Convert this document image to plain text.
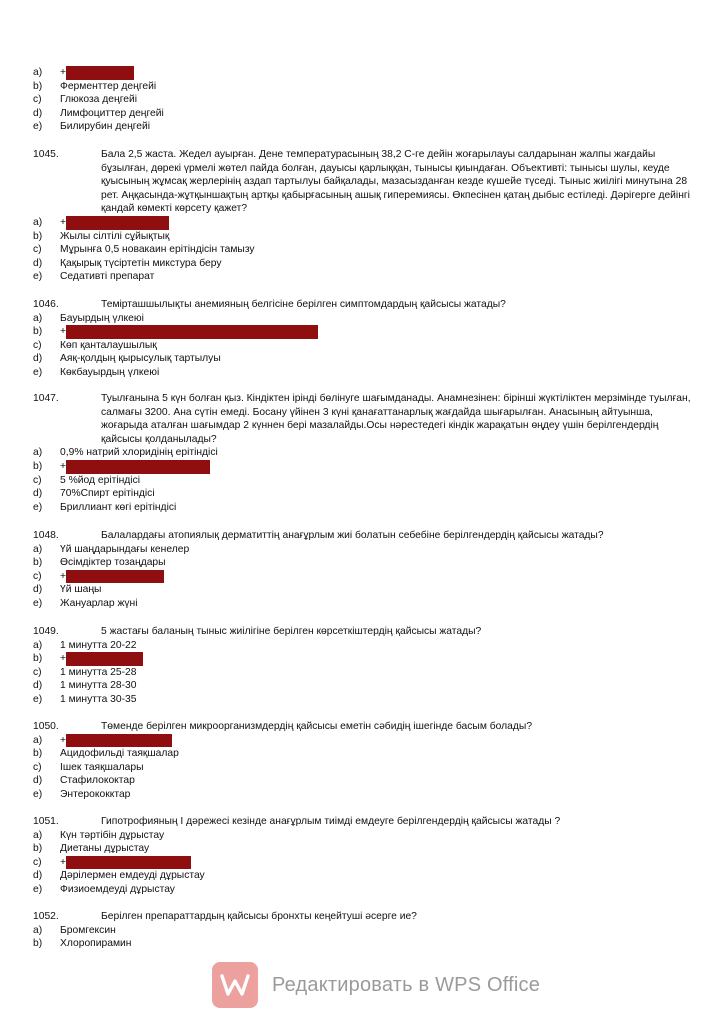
a)	+ Жүйке деңгейі
b)	Ферменттер деңгейі
c)	Глюкоза деңгейі
d)	Лимфоциттер деңгейі
e)	Билирубин деңгейі
1045.	Бала 2,5 жаста. Жедел ауырған. Дене температурасының 38,2 С-ге дейін жоғарылауы салдарынан жалпы жағдайы бұзылған, дөрекі үрмелі жөтел пайда болған, дауысы қарлыққан, тынысы қиындаған. Объективті: тынысы шулы, кеуде қуысының жұмсақ жерлерінің аздап тартылуы байқалады, мазасызданған кезде күшейе түседі. Тыныс жиілігі минутына 28 рет. Аңқасында-жұтқыншақтың артқы қабырғасының ашық гиперемиясы. Өкпесінен қатаң дыбыс естіледі. Дәрігерге дейінгі қандай көмекті көрсету қажет?
a)	+ Алаңдатушы терапия
b)	Жылы сілтілі сұйықтық
c)	Мұрынға 0,5 новакаин ерітіндісін тамызу
d)	Қақырық түсіртетін микстура беру
e)	Седативті препарат
1046.	Темірташшылықты анемияның белгісіне берілген симптомдардың қайсысы жатады?
a)	Бауырдың үлкеюі
b)	+ Терінің, тырнақтың, шаштың трофикалық өзгерістері
c)	Көп қанталаушылық
d)	Аяқ-қолдың қырысулық тартылуы
e)	Көкбауырдың үлкеюі
1047.	Туылғанына 5 күн болған қыз. Кіндіктен ірінді бөлінуге шағымданады. Анамнезінен: бірінші жүктіліктен мерзімінде туылған, салмағы 3200. Ана сүтін емеді. Босану үйінен 3 күні қанағаттанарлық жағдайда шығарылған. Анасының айтуынша, жоғарыда аталған шағымдар 2 күннен бері мазалайды.Осы нәрестедегі кіндік жарақатын өңдеу үшін берілгендердің қайсысы қолданылады?
a)	0,9% натрий хлоридінің ерітіндісі
b)	+ 3 %сутегі тотығының ерітіндісі
c)	5 %йод ерітіндісі
d)	70%Спирт ерітіндісі
e)	Бриллиант көгі ерітіндісі
1048.	Балалардағы атопиялық дерматиттің анағұрлым жиі болатын себебіне берілгендердің қайсысы жатады?
a)	Үй шаңдарындағы кенелер
b)	Өсімдіктер тозаңдары
c)	+ Сиыр сүтінің ақуызы
d)	Үй шаңы
e)	Жануарлар жүні
1049.	5 жастағы баланың тыныс жиілігіне берілген көрсеткіштердің қайсысы жатады?
a)	1 минутта 20-22
b)	+ 1 минутта 22-25
c)	1 минутта 25-28
d)	1 минутта 28-30
e)	1 минутта 30-35
1050.	Төменде берілген микроорганизмдердің қайсысы еметін сәбидің ішегінде басым болады?
a)	+ Бифидумбактериялар
b)	Ацидофильді таяқшалар
c)	Ішек таяқшалары
d)	Стафилококтар
e)	Энтерококктар
1051.	Гипотрофияның І дәрежесі кезінде анағұрлым тиімді емдеуге берілгендердің қайсысы жатады ?
a)	Күн тәртібін дұрыстау
b)	Диетаны дұрыстау
c)	+ Себебін анықтап оны жою
d)	Дәрілермен емдеуді дұрыстау
e)	Физиоемдеуді дұрыстау
1052.	Берілген препараттардың қайсысы бронхты кеңейтуші әсерге ие?
a)	Бромгексин
b)	Хлоропирамин
Редактировать в WPS Office
